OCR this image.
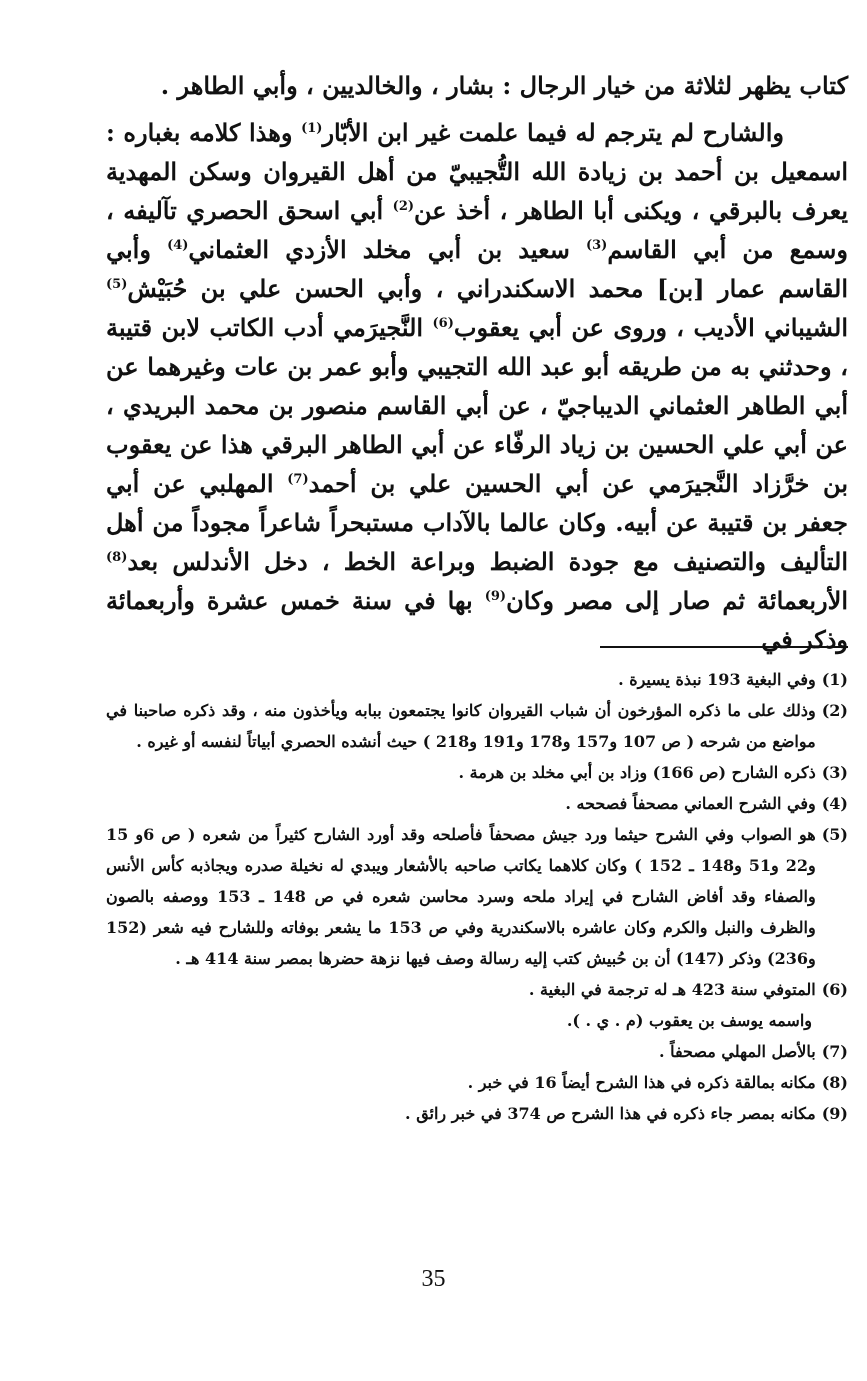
كتاب يظهر لثلاثة من خيار الرجال : بشار ، والخالديين ، وأبي الطاهر .

والشارح لم يترجم له فيما علمت غير ابن الأبّار$^{(1)}$ وهذا كلامه بغباره : اسمعيل بن أحمد بن زيادة الله التُّجيبيّ من أهل القيروان وسكن المهدية يعرف بالبرقي ، ويكنى أبا الطاهر ، أخذ عن$^{(2)}$ أبي اسحق الحصري تآليفه ، وسمع من أبي القاسم$^{(3)}$ سعيد بن أبي مخلد الأزدي العثماني$^{(4)}$ وأبي القاسم عمار [بن] محمد الاسكندراني ، وأبي الحسن علي بن حُبَيْش$^{(5)}$ الشيباني الأديب ، وروى عن أبي يعقوب$^{(6)}$ النَّجيرَمي أدب الكاتب لابن قتيبة ، وحدثني به من طريقه أبو عبد الله التجيبي وأبو عمر بن عات وغيرهما عن أبي الطاهر العثماني الديباجيّ ، عن أبي القاسم منصور بن محمد البريدي ، عن أبي علي الحسين بن زياد الرفّاء عن أبي الطاهر البرقي هذا عن يعقوب بن خرَّزاد النَّجيرَمي عن أبي الحسين علي بن أحمد$^{(7)}$ المهلبي عن أبي جعفر بن قتيبة عن أبيه. وكان عالما بالآداب مستبحراً شاعراً مجوداً من أهل التأليف والتصنيف مع جودة الضبط وبراعة الخط ، دخل الأندلس بعد$^{(8)}$ الأربعمائة ثم صار إلى مصر وكان$^{(9)}$ بها في سنة خمس عشرة وأربعمائة وذكر في

(1)
وفي البغية 193 نبذة يسيرة .
(2)
وذلك على ما ذكره المؤرخون أن شباب القيروان كانوا يجتمعون ببابه ويأخذون منه ، وقد ذكره صاحبنا في مواضع من شرحه ( ص 107 و157 و178 و191 و218 ) حيث أنشده الحصري أبياتاً لنفسه أو غيره .
(3)
ذكره الشارح (ص 166) وزاد بن أبي مخلد بن هرمة .
(4)
وفي الشرح العماني مصحفاً فصححه .
(5)
هو الصواب وفي الشرح حيثما ورد جيش مصحفاً فأصلحه وقد أورد الشارح كثيراً من شعره ( ص 6و 15 و22 و51 و148 ـ 152 ) وكان كلاهما يكاتب صاحبه بالأشعار ويبدي له نخيلة صدره ويجاذبه كأس الأنس والصفاء وقد أفاض الشارح في إيراد ملحه وسرد محاسن شعره في ص 148 ـ 153 ووصفه بالصون والظرف والنبل والكرم وكان عاشره بالاسكندرية وفي ص 153 ما يشعر بوفاته وللشارح فيه شعر (152 و236) وذكر (147) أن بن حُبيش كتب إليه رسالة وصف فيها نزهة حضرها بمصر سنة 414 هـ .
(6)
المتوفي سنة 423 هـ له ترجمة في البغية .
واسمه يوسف بن يعقوب (م . ي . ).
(7)
بالأصل المهلي مصحفاً .
(8)
مكانه بمالقة ذكره في هذا الشرح أيضاً 16 في خبر .
(9)
مكانه بمصر جاء ذكره في هذا الشرح ص 374 في خبر رائق .
35
